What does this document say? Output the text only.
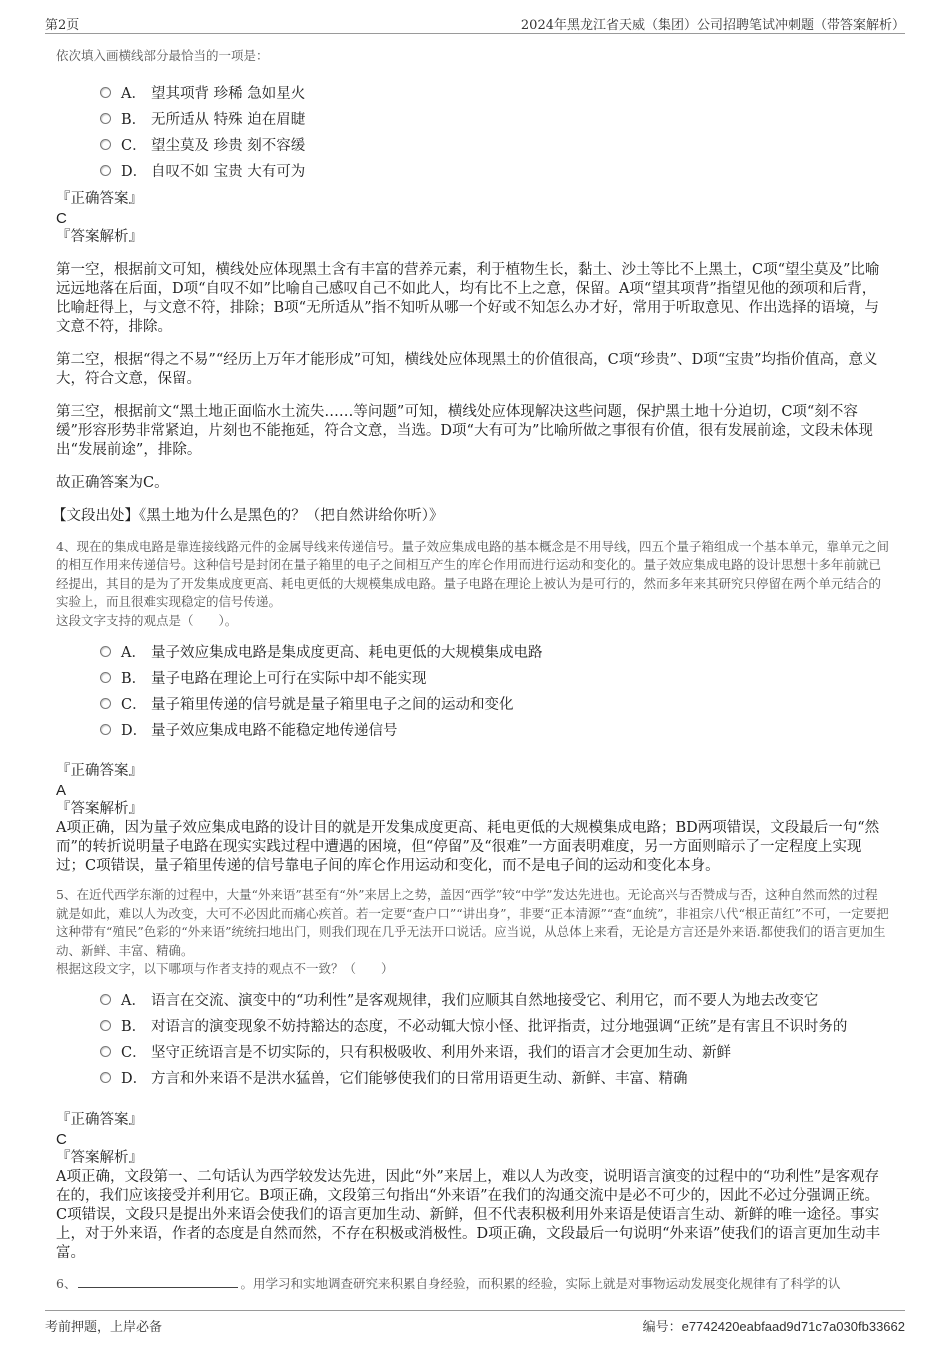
第2页	2024年黑龙江省天威（集团）公司招聘笔试冲刺题（带答案解析）

依次填入画横线部分最恰当的一项是：

A． 望其项背 珍稀 急如星火
B． 无所适从 特殊 迫在眉睫
C． 望尘莫及 珍贵 刻不容缓
D． 自叹不如 宝贵 大有可为

『正确答案』

C

『答案解析』

第一空，根据前文可知，横线处应体现黑土含有丰富的营养元素，利于植物生长，黏土、沙土等比不上黑土，C项“望尘莫及”比喻远远地落在后面，D项“自叹不如”比喻自己感叹自己不如此人，均有比不上之意，保留。A项“望其项背”指望见他的颈项和后背，比喻赶得上，与文意不符，排除；B项“无所适从”指不知听从哪一个好或不知怎么办才好，常用于听取意见、作出选择的语境，与文意不符，排除。

第二空，根据“得之不易”“经历上万年才能形成”可知，横线处应体现黑土的价值很高，C项“珍贵”、D项“宝贵”均指价值高，意义大，符合文意，保留。

第三空，根据前文“黑土地正面临水土流失……等问题”可知，横线处应体现解决这些问题，保护黑土地十分迫切，C项“刻不容缓”形容形势非常紧迫，片刻也不能拖延，符合文意，当选。D项“大有可为”比喻所做之事很有价值，很有发展前途，文段未体现出“发展前途”，排除。

故正确答案为C。

【文段出处】《黑土地为什么是黑色的？（把自然讲给你听）》

4、现在的集成电路是靠连接线路元件的金属导线来传递信号。量子效应集成电路的基本概念是不用导线，四五个量子箱组成一个基本单元，靠单元之间的相互作用来传递信号。这种信号是封闭在量子箱里的电子之间相互产生的库仑作用而进行运动和变化的。量子效应集成电路的设计思想十多年前就已经提出，其目的是为了开发集成度更高、耗电更低的大规模集成电路。量子电路在理论上被认为是可行的，然而多年来其研究只停留在两个单元结合的实验上，而且很难实现稳定的信号传递。

这段文字支持的观点是（　　）。

A． 量子效应集成电路是集成度更高、耗电更低的大规模集成电路
B． 量子电路在理论上可行在实际中却不能实现
C． 量子箱里传递的信号就是量子箱里电子之间的运动和变化
D． 量子效应集成电路不能稳定地传递信号

『正确答案』

A

『答案解析』

A项正确，因为量子效应集成电路的设计目的就是开发集成度更高、耗电更低的大规模集成电路；BD两项错误，文段最后一句“然而”的转折说明量子电路在现实实践过程中遭遇的困境，但“停留”及“很难”一方面表明难度，另一方面则暗示了一定程度上实现过；C项错误，量子箱里传递的信号靠电子间的库仑作用运动和变化，而不是电子间的运动和变化本身。

5、在近代西学东渐的过程中，大量“外来语”甚至有“外”来居上之势，盖因“西学”较“中学”发达先进也。无论高兴与否赞成与否，这种自然而然的过程就是如此，难以人为改变，大可不必因此而痛心疾首。若一定要“查户口”“讲出身”，非要“正本清源”“查“血统”，非祖宗八代“根正苗红”不可，一定要把这种带有“殖民”色彩的“外来语”统统扫地出门，则我们现在几乎无法开口说话。应当说，从总体上来看，无论是方言还是外来语.都使我们的语言更加生动、新鲜、丰富、精确。

根据这段文字，以下哪项与作者支持的观点不一致？（　　）

A． 语言在交流、演变中的“功利性”是客观规律，我们应顺其自然地接受它、利用它，而不要人为地去改变它
B． 对语言的演变现象不妨持豁达的态度，不必动辄大惊小怪、批评指责，过分地强调“正统”是有害且不识时务的
C． 坚守正统语言是不切实际的，只有积极吸收、利用外来语，我们的语言才会更加生动、新鲜
D． 方言和外来语不是洪水猛兽，它们能够使我们的日常用语更生动、新鲜、丰富、精确

『正确答案』

C

『答案解析』

A项正确，文段第一、二句话认为西学较发达先进，因此“外”来居上，难以人为改变，说明语言演变的过程中的“功利性”是客观存在的，我们应该接受并利用它。B项正确，文段第三句指出“外来语”在我们的沟通交流中是必不可少的，因此不必过分强调正统。C项错误，文段只是提出外来语会使我们的语言更加生动、新鲜，但不代表积极利用外来语是使语言生动、新鲜的唯一途径。事实上，对于外来语，作者的态度是自然而然，不存在积极或消极性。D项正确，文段最后一句说明“外来语”使我们的语言更加生动丰富。

6、	。用学习和实地调查研究来积累自身经验，而积累的经验，实际上就是对事物运动发展变化规律有了科学的认

考前押题，上岸必备	编号：e7742420eabfaad9d71c7a030fb33662
